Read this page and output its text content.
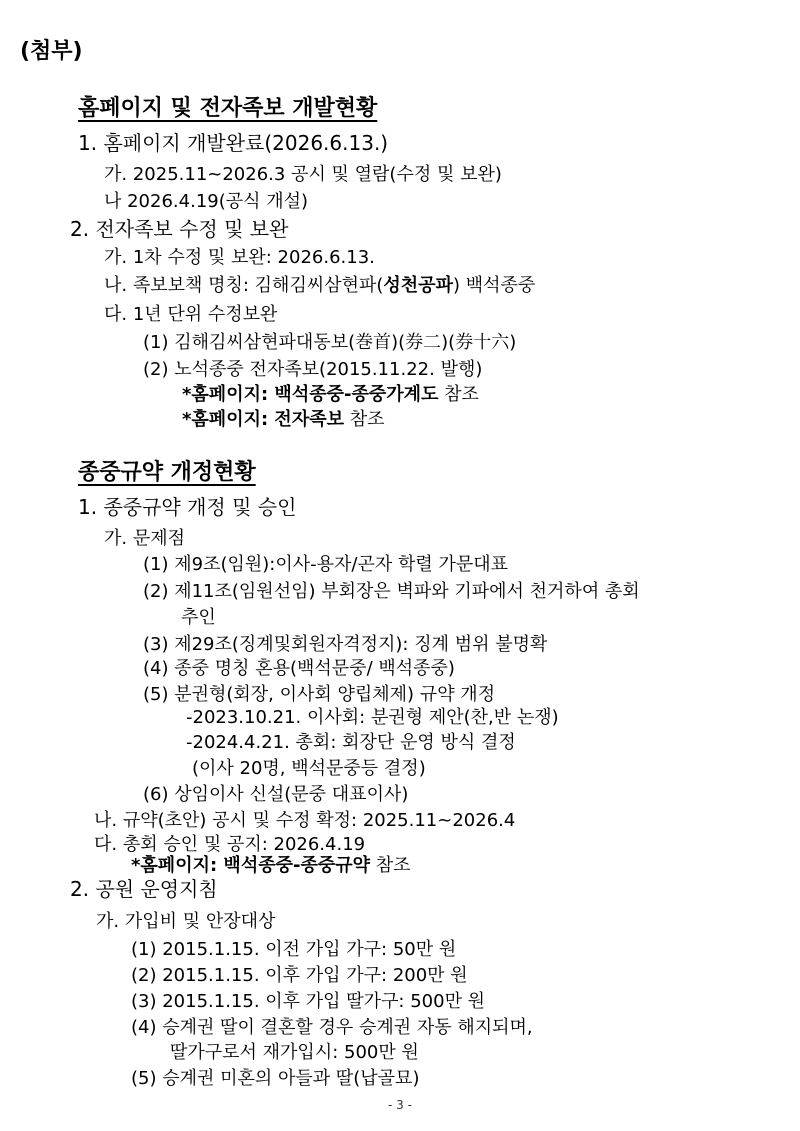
(첨부)
홈페이지 및 전자족보 개발현황
1. 홈페이지 개발완료(2026.6.13.)
가. 2025.11~2026.3 공시 및 열람(수정 및 보완)
나 2026.4.19(공식 개설)
2. 전자족보 수정 및 보완
가. 1차 수정 및 보완: 2026.6.13.
나. 족보보책 명칭: 김해김씨삼현파(성천공파) 백석종중
다. 1년 단위 수정보완
(1) 김해김씨삼현파대동보(巻首)(券二)(券十六)
(2) 노석종중 전자족보(2015.11.22. 발행)
*홈페이지: 백석종중-종중가계도 참조
*홈페이지: 전자족보 참조
종중규약 개정현황
1. 종중규약 개정 및 승인
가. 문제점
(1) 제9조(임원):이사-용자/곤자 학렬 가문대표
(2) 제11조(임원선임) 부회장은 벽파와 기파에서 천거하여 총회
추인
(3) 제29조(징계및회원자격정지): 징계 범위 불명확
(4) 종중 명칭 혼용(백석문중/ 백석종중)
(5) 분권형(회장, 이사회 양립체제) 규약 개정
-2023.10.21. 이사회: 분권형 제안(찬,반 논쟁)
-2024.4.21. 총회: 회장단 운영 방식 결정
(이사 20명, 백석문중등 결정)
(6) 상임이사 신설(문중 대표이사)
나. 규약(초안) 공시 및 수정 확정: 2025.11~2026.4
다. 총회 승인 및 공지: 2026.4.19
*홈페이지: 백석종중-종중규약 참조
2. 공원 운영지침
가. 가입비 및 안장대상
(1) 2015.1.15. 이전 가입 가구: 50만 원
(2) 2015.1.15. 이후 가입 가구: 200만 원
(3) 2015.1.15. 이후 가입 딸가구: 500만 원
(4) 승계권 딸이 결혼할 경우 승계권 자동 해지되며,
딸가구로서 재가입시: 500만 원
(5) 승계권 미혼의 아들과 딸(납골묘)
- 3 -
